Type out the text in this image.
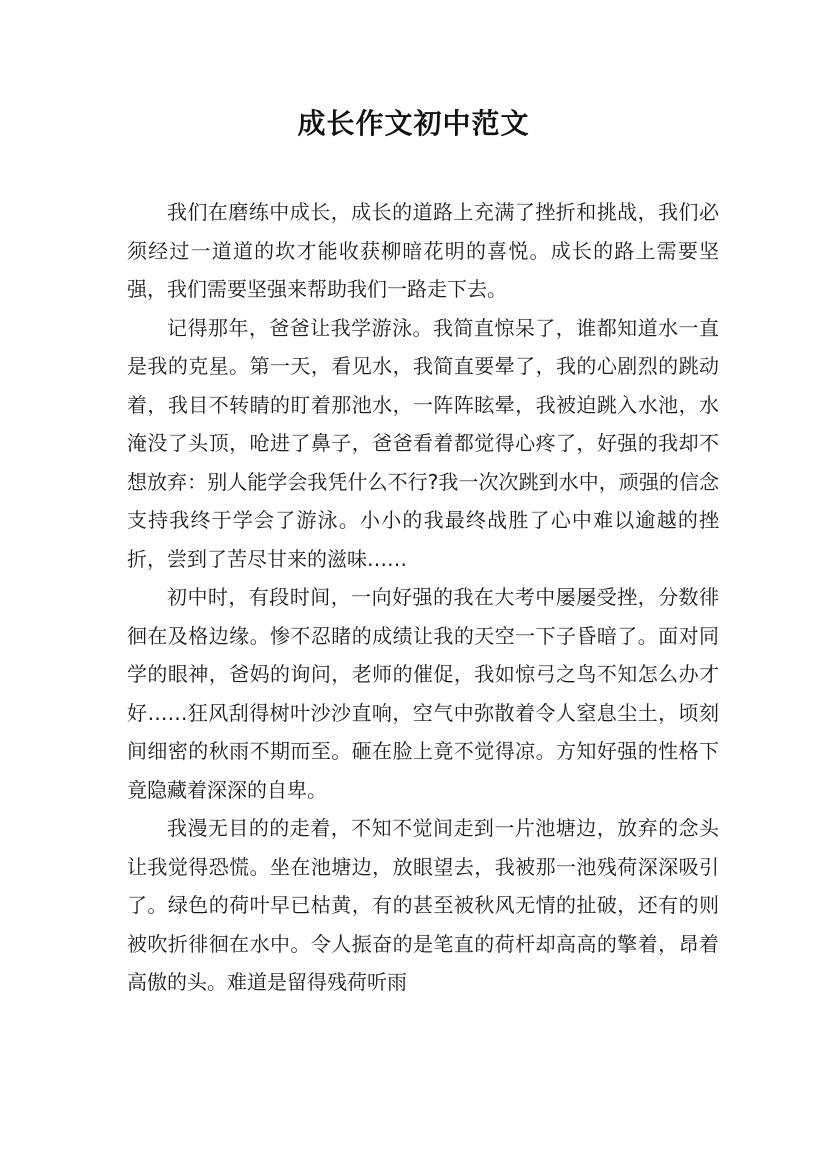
成长作文初中范文

我们在磨练中成长，成长的道路上充满了挫折和挑战，我们必须经过一道道的坎才能收获柳暗花明的喜悦。成长的路上需要坚强，我们需要坚强来帮助我们一路走下去。

记得那年，爸爸让我学游泳。我简直惊呆了，谁都知道水一直是我的克星。第一天，看见水，我简直要晕了，我的心剧烈的跳动着，我目不转睛的盯着那池水，一阵阵眩晕，我被迫跳入水池，水淹没了头顶，呛进了鼻子，爸爸看着都觉得心疼了，好强的我却不想放弃：别人能学会我凭什么不行?我一次次跳到水中，顽强的信念支持我终于学会了游泳。小小的我最终战胜了心中难以逾越的挫折，尝到了苦尽甘来的滋味……

初中时，有段时间，一向好强的我在大考中屡屡受挫，分数徘徊在及格边缘。惨不忍睹的成绩让我的天空一下子昏暗了。面对同学的眼神，爸妈的询问，老师的催促，我如惊弓之鸟不知怎么办才好……狂风刮得树叶沙沙直响，空气中弥散着令人窒息尘土，顷刻间细密的秋雨不期而至。砸在脸上竟不觉得凉。方知好强的性格下竟隐藏着深深的自卑。

我漫无目的的走着，不知不觉间走到一片池塘边，放弃的念头让我觉得恐慌。坐在池塘边，放眼望去，我被那一池残荷深深吸引了。绿色的荷叶早已枯黄，有的甚至被秋风无情的扯破，还有的则被吹折徘徊在水中。令人振奋的是笔直的荷杆却高高的擎着，昂着高傲的头。难道是留得残荷听雨
